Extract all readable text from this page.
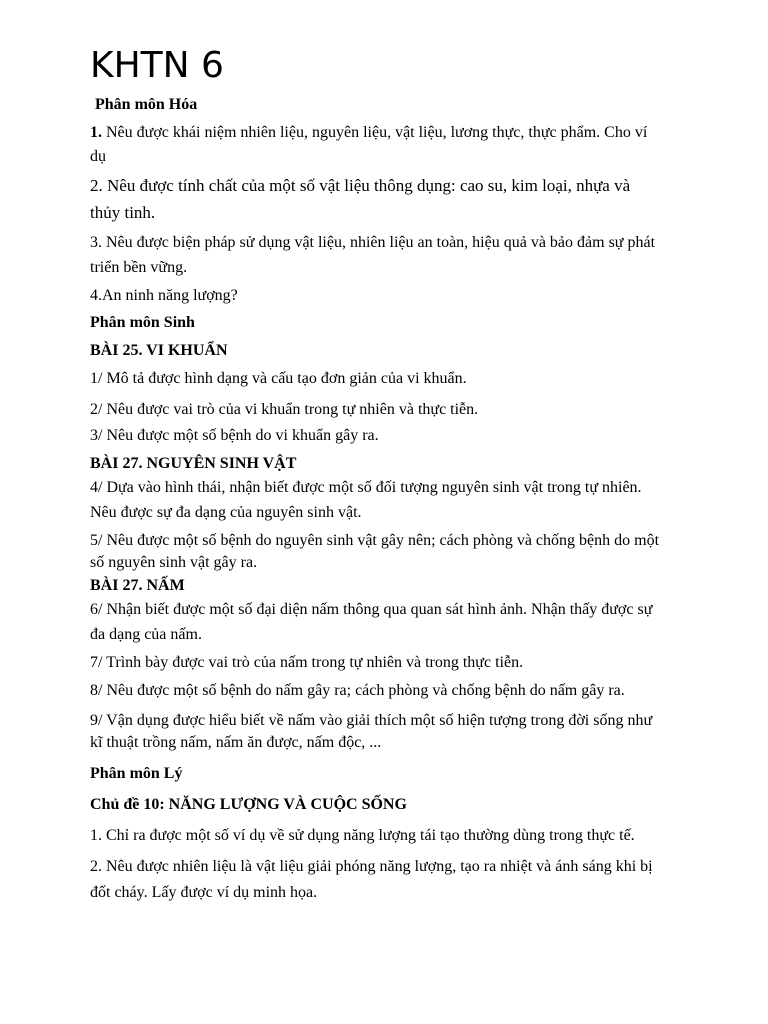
KHTN 6

Phân môn Hóa

1. Nêu được khái niệm nhiên liệu, nguyên liệu, vật liệu, lương thực, thực phẩm. Cho ví

dụ

2. Nêu được tính chất của một số vật liệu thông dụng: cao su, kim loại, nhựa và

thủy tinh.

3. Nêu được biện pháp sử dụng vật liệu, nhiên liệu an toàn, hiệu quả và bảo đảm sự phát

triển bền vững.

4.An ninh năng lượng?

Phân môn Sinh

BÀI 25. VI KHUẨN

1/ Mô tả được hình dạng và cấu tạo đơn giản của vi khuẩn.

2/ Nêu được vai trò của vi khuẩn trong tự nhiên và thực tiễn.

3/ Nêu được một số bệnh do vi khuẩn gây ra.

BÀI 27. NGUYÊN SINH VẬT

4/ Dựa vào hình thái, nhận biết được một số đối tượng nguyên sinh vật trong tự nhiên.

Nêu được sự đa dạng của nguyên sinh vật.

5/ Nêu được một số bệnh do nguyên sinh vật gây nên; cách phòng và chống bệnh do một

số nguyên sinh vật gây ra.

BÀI 27. NẤM

6/ Nhận biết được một số đại diện nấm thông qua quan sát hình ảnh. Nhận thấy được sự

đa dạng của nấm.

7/ Trình bày được vai trò của nấm trong tự nhiên và trong thực tiễn.

8/ Nêu được một số bệnh do nấm gây ra; cách phòng và chống bệnh do nấm gây ra.

9/ Vận dụng được hiểu biết về nấm vào giải thích một số hiện tượng trong đời sống như

kĩ thuật trồng nấm, nấm ăn được, nấm độc, ...

Phân môn Lý

Chủ đề 10: NĂNG LƯỢNG VÀ CUỘC SỐNG

1. Chỉ ra được một số ví dụ về sử dụng năng lượng tái tạo thường dùng trong thực tế.

2. Nêu được nhiên liệu là vật liệu giải phóng năng lượng, tạo ra nhiệt và ánh sáng khi bị

đốt cháy. Lấy được ví dụ minh họa.
